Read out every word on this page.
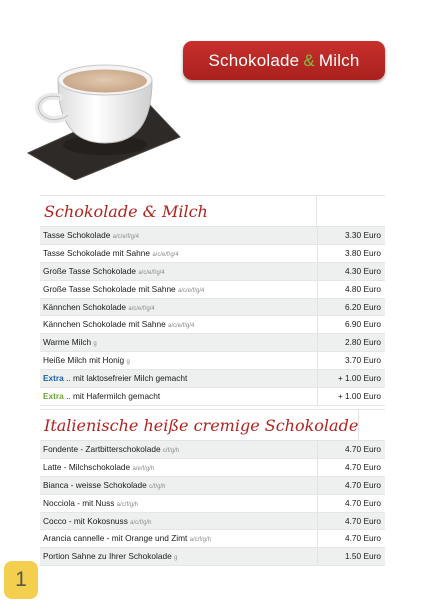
Schokolade & Milch
Schokolade & Milch
Tasse Schokolade a/c/e/f/g/4	3.30 Euro
Tasse Schokolade mit Sahne a/c/e/f/g/4	3.80 Euro
Große Tasse Schokolade a/c/e/f/g/4	4.30 Euro
Große Tasse Schokolade mit Sahne a/c/e/f/g/4	4.80 Euro
Kännchen Schokolade a/c/e/f/g/4	6.20 Euro
Kännchen Schokolade mit Sahne a/c/e/f/g/4	6.90 Euro
Warme Milch g	2.80 Euro
Heiße Milch mit Honig g	3.70 Euro
Extra .. mit laktosefreier Milch gemacht	+ 1.00 Euro
Extra .. mit Hafermilch gemacht	+ 1.00 Euro
Italienische heiße cremige Schokolade
Fondente - Zartbitterschokolade c/f/g/h	4.70 Euro
Latte - Milchschokolade a/e/f/g/h	4.70 Euro
Bianca - weisse Schokolade c/f/g/h	4.70 Euro
Nocciola - mit Nuss a/c/f/g/h	4.70 Euro
Cocco - mit Kokosnuss a/c/f/g/h	4.70 Euro
Arancia cannelle - mit Orange und Zimt a/c/f/g/h	4.70 Euro
Portion Sahne zu Ihrer Schokolade g	1.50 Euro
1
